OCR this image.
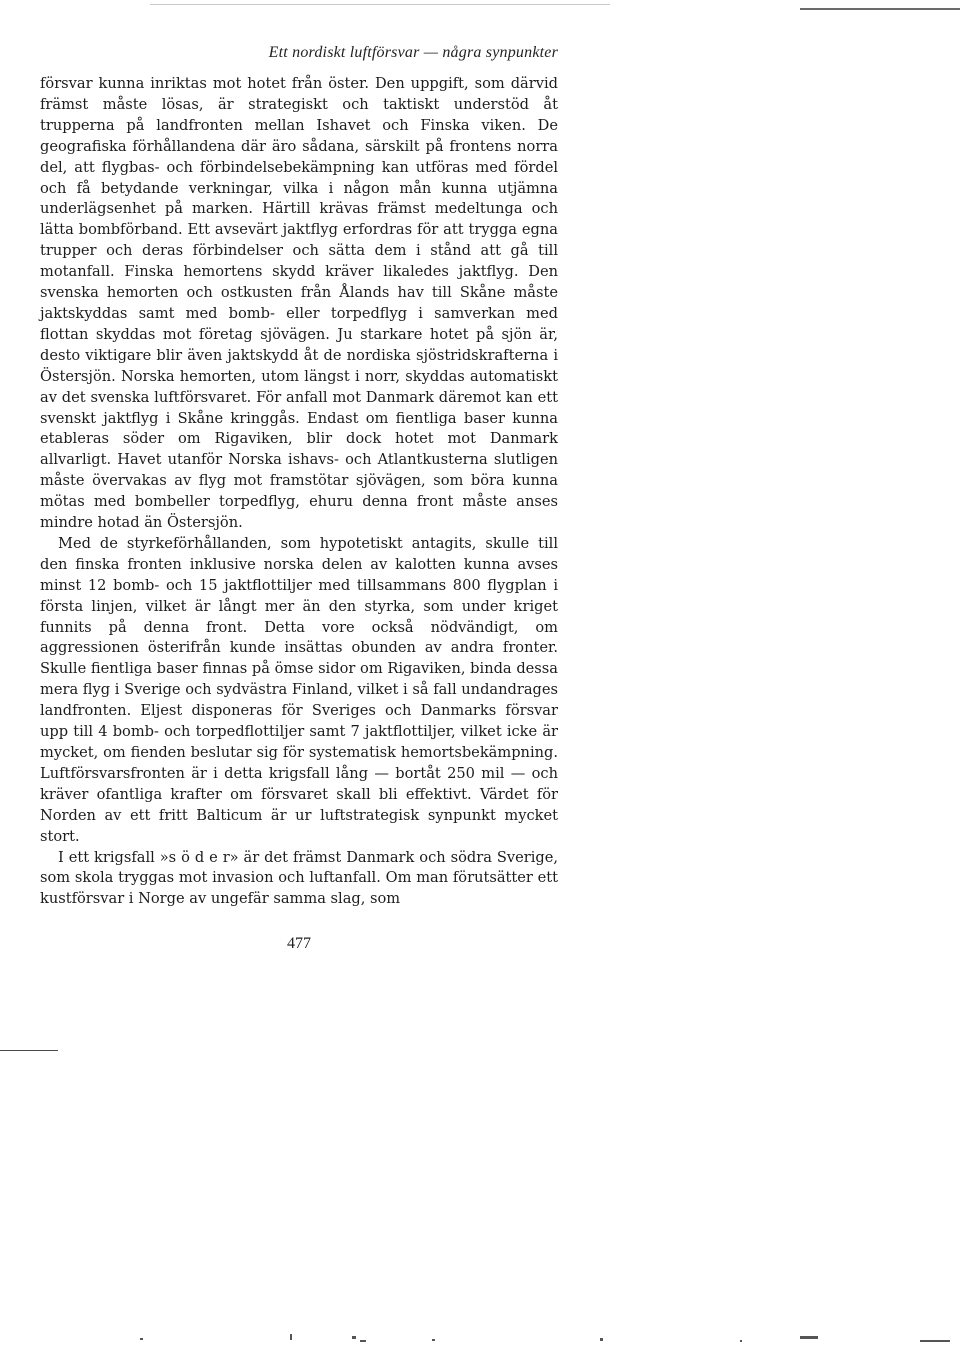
Ett nordiskt luftförsvar — några synpunkter

försvar kunna inriktas mot hotet från öster. Den uppgift, som därvid främst måste lösas, är strategiskt och taktiskt understöd åt trupperna på landfronten mellan Ishavet och Finska viken. De geografiska förhållandena där äro sådana, särskilt på frontens norra del, att flygbas- och förbindelsebekämpning kan utföras med fördel och få betydande verkningar, vilka i någon mån kunna utjämna underlägsenhet på marken. Härtill krävas främst medeltunga och lätta bombförband. Ett avsevärt jaktflyg erfordras för att trygga egna trupper och deras förbindelser och sätta dem i stånd att gå till motanfall. Finska hemortens skydd kräver likaledes jaktflyg. Den svenska hemorten och ostkusten från Ålands hav till Skåne måste jaktskyddas samt med bomb- eller torpedflyg i samverkan med flottan skyddas mot företag sjövägen. Ju starkare hotet på sjön är, desto viktigare blir även jaktskydd åt de nordiska sjöstridskrafterna i Östersjön. Norska hemorten, utom längst i norr, skyddas automatiskt av det svenska luftförsvaret. För anfall mot Danmark däremot kan ett svenskt jaktflyg i Skåne kringgås. Endast om fientliga baser kunna etableras söder om Rigaviken, blir dock hotet mot Danmark allvarligt. Havet utanför Norska ishavs- och Atlantkusterna slutligen måste övervakas av flyg mot framstötar sjövägen, som böra kunna mötas med bombeller torpedflyg, ehuru denna front måste anses mindre hotad än Östersjön.

Med de styrkeförhållanden, som hypotetiskt antagits, skulle till den finska fronten inklusive norska delen av kalotten kunna avses minst 12 bomb- och 15 jaktflottiljer med tillsammans 800 flygplan i första linjen, vilket är långt mer än den styrka, som under kriget funnits på denna front. Detta vore också nödvändigt, om aggressionen österifrån kunde insättas obunden av andra fronter. Skulle fientliga baser finnas på ömse sidor om Rigaviken, binda dessa mera flyg i Sverige och sydvästra Finland, vilket i så fall undandrages landfronten. Eljest disponeras för Sveriges och Danmarks försvar upp till 4 bomb- och torpedflottiljer samt 7 jaktflottiljer, vilket icke är mycket, om fienden beslutar sig för systematisk hemortsbekämpning. Luftförsvarsfronten är i detta krigsfall lång — bortåt 250 mil — och kräver ofantliga krafter om försvaret skall bli effektivt. Värdet för Norden av ett fritt Balticum är ur luftstrategisk synpunkt mycket stort.

I ett krigsfall »s ö d e r» är det främst Danmark och södra Sverige, som skola tryggas mot invasion och luftanfall. Om man förutsätter ett kustförsvar i Norge av ungefär samma slag, som

477
